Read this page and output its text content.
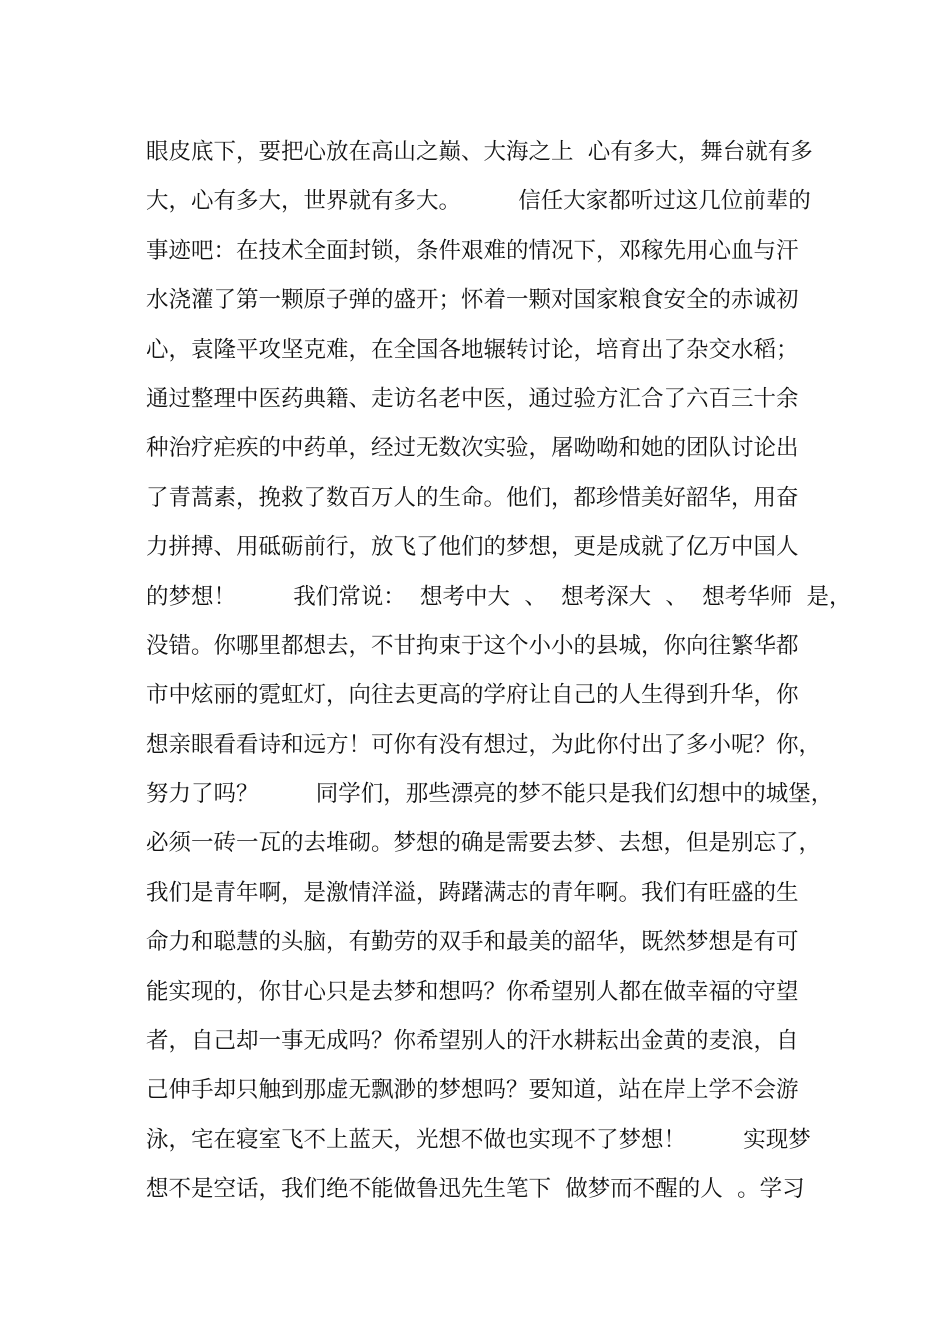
眼皮底下，要把心放在高山之巅、大海之上  心有多大，舞台就有多
大，心有多大，世界就有多大。        信任大家都听过这几位前辈的
事迹吧：在技术全面封锁，条件艰难的情况下，邓稼先用心血与汗
水浇灌了第一颗原子弹的盛开；怀着一颗对国家粮食安全的赤诚初
心，袁隆平攻坚克难，在全国各地辗转讨论，培育出了杂交水稻；
通过整理中医药典籍、走访名老中医，通过验方汇合了六百三十余
种治疗疟疾的中药单，经过无数次实验，屠呦呦和她的团队讨论出
了青蒿素，挽救了数百万人的生命。他们，都珍惜美好韶华，用奋
力拼搏、用砥砺前行，放飞了他们的梦想，更是成就了亿万中国人
的梦想！        我们常说：  想考中大  、  想考深大  、  想考华师  是，
没错。你哪里都想去，不甘拘束于这个小小的县城，你向往繁华都
市中炫丽的霓虹灯，向往去更高的学府让自己的人生得到升华，你
想亲眼看看诗和远方！可你有没有想过，为此你付出了多小呢？你，
努力了吗？        同学们，那些漂亮的梦不能只是我们幻想中的城堡，
必须一砖一瓦的去堆砌。梦想的确是需要去梦、去想，但是别忘了，
我们是青年啊，是激情洋溢，踌躇满志的青年啊。我们有旺盛的生
命力和聪慧的头脑，有勤劳的双手和最美的韶华，既然梦想是有可
能实现的，你甘心只是去梦和想吗？你希望别人都在做幸福的守望
者，自己却一事无成吗？你希望别人的汗水耕耘出金黄的麦浪，自
己伸手却只触到那虚无飘渺的梦想吗？要知道，站在岸上学不会游
泳，宅在寝室飞不上蓝天，光想不做也实现不了梦想！        实现梦
想不是空话，我们绝不能做鲁迅先生笔下  做梦而不醒的人  。学习
